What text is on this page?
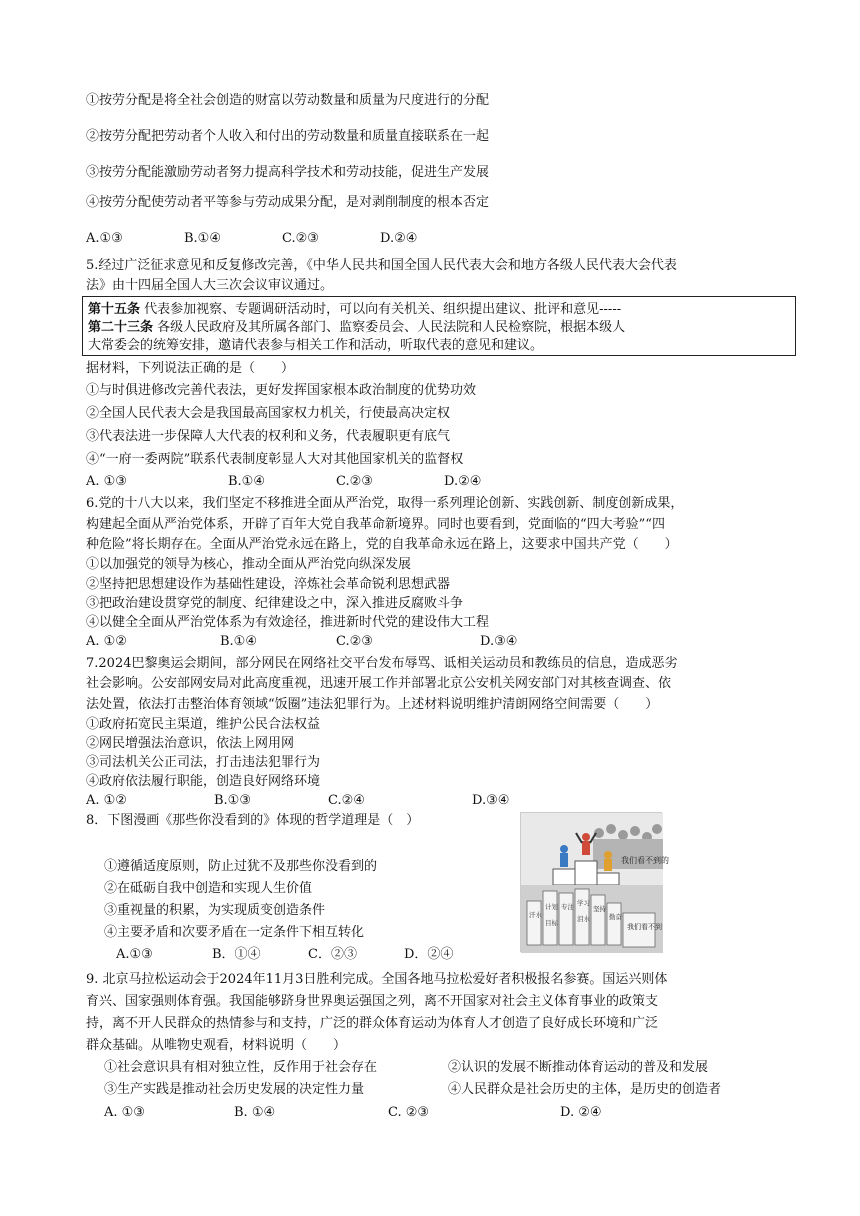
①按劳分配是将全社会创造的财富以劳动数量和质量为尺度进行的分配
②按劳分配把劳动者个人收入和付出的劳动数量和质量直接联系在一起
③按劳分配能激励劳动者努力提高科学技术和劳动技能，促进生产发展
④按劳分配使劳动者平等参与劳动成果分配，是对剥削制度的根本否定
A.①③	B.①④	C.②③	D.②④
5.经过广泛征求意见和反复修改完善，《中华人民共和国全国人民代表大会和地方各级人民代表大会代表
法》由十四届全国人大三次会议审议通过。
第十五条 代表参加视察、专题调研活动时，可以向有关机关、组织提出建议、批评和意见-----
第二十三条 各级人民政府及其所属各部门、监察委员会、人民法院和人民检察院，根据本级人
大常委会的统筹安排，邀请代表参与相关工作和活动，听取代表的意见和建议。
据材料，下列说法正确的是（　　）
①与时俱进修改完善代表法，更好发挥国家根本政治制度的优势功效
②全国人民代表大会是我国最高国家权力机关，行使最高决定权
③代表法进一步保障人大代表的权利和义务，代表履职更有底气
④“一府一委两院”联系代表制度彰显人大对其他国家机关的监督权
A. ①③	B.①④	C.②③	D.②④
6.党的十八大以来，我们坚定不移推进全面从严治党，取得一系列理论创新、实践创新、制度创新成果，
构建起全面从严治党体系，开辟了百年大党自我革命新境界。同时也要看到，党面临的“四大考验”“四
种危险”将长期存在。全面从严治党永远在路上，党的自我革命永远在路上，这要求中国共产党（　　）
①以加强党的领导为核心，推动全面从严治党向纵深发展
②坚持把思想建设作为基础性建设，淬炼社会革命锐利思想武器
③把政治建设贯穿党的制度、纪律建设之中，深入推进反腐败斗争
④以健全全面从严治党体系为有效途径，推进新时代党的建设伟大工程
A. ①②	B.①④	C.②③	D.③④
7.2024巴黎奥运会期间，部分网民在网络社交平台发布辱骂、诋相关运动员和教练员的信息，造成恶劣
社会影响。公安部网安局对此高度重视，迅速开展工作并部署北京公安机关网安部门对其核查调查、依
法处置，依法打击整治体育领域“饭圈”违法犯罪行为。上述材料说明维护清朗网络空间需要（　　）
①政府拓宽民主渠道，维护公民合法权益
②网民增强法治意识，依法上网用网
③司法机关公正司法，打击违法犯罪行为
④政府依法履行职能，创造良好网络环境
A. ①②	B.①③	C.②④	D.③④
8．下图漫画《那些你没看到的》体现的哲学道理是（　）
①遵循适度原则，防止过犹不及那些你没看到的
②在砥砺自我中创造和实现人生价值
③重视量的积累，为实现质变创造条件
④主要矛盾和次要矛盾在一定条件下相互转化
A.①③	B．①④	C．②③	D．②④
我们看不到的
我们看不到
汗水
计划 专注 学习
坚持
目标	泪水	勤奋
9. 北京马拉松运动会于2024年11月3日胜利完成。全国各地马拉松爱好者积极报名参赛。国运兴则体
育兴、国家强则体育强。我国能够跻身世界奥运强国之列，离不开国家对社会主义体育事业的政策支
持，离不开人民群众的热情参与和支持，广泛的群众体育运动为体育人才创造了良好成长环境和广泛
群众基础。从唯物史观看，材料说明（　　）
①社会意识具有相对独立性，反作用于社会存在	②认识的发展不断推动体育运动的普及和发展
③生产实践是推动社会历史发展的决定性力量	④人民群众是社会历史的主体，是历史的创造者
A. ①③	B. ①④	C. ②③	D. ②④
